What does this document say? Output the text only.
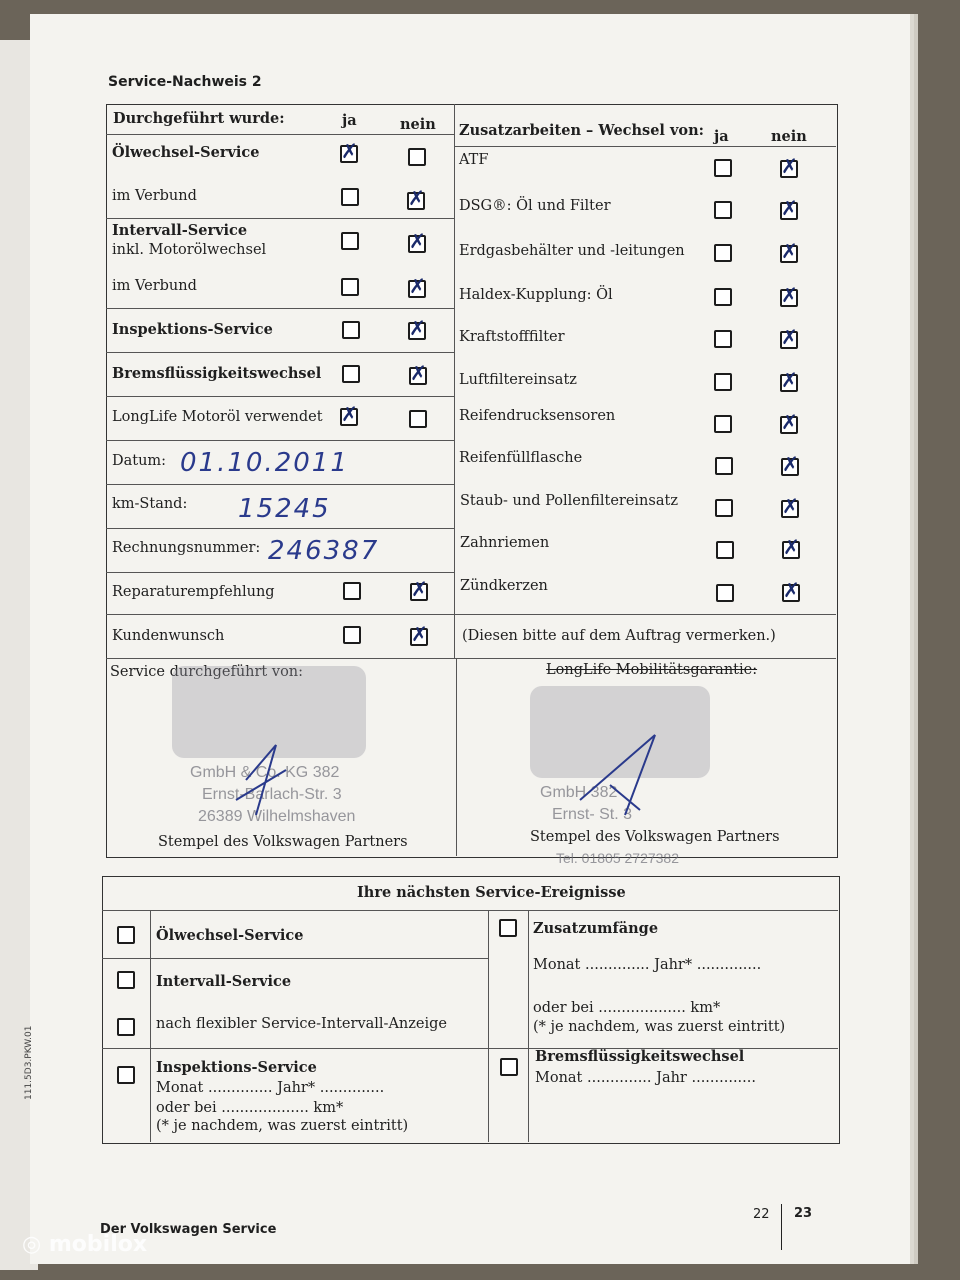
Service-Nachweis 2
Durchgeführt wurde:	ja	nein
Ölwechsel-Service
✗
im Verbund
✗
Intervall-Service
inkl. Motorölwechsel
✗
im Verbund
✗
Inspektions-Service
✗
Bremsflüssigkeitswechsel
✗
LongLife Motoröl verwendet
✗
Datum: 01.10.2011
km-Stand: 15245
Rechnungsnummer: 246387
Reparaturempfehlung
✗
Kundenwunsch
✗	(Diesen bitte auf dem Auftrag vermerken.)
Zusatzarbeiten – Wechsel von: ja	nein
ATF
✗
DSG®: Öl und Filter
✗
Erdgasbehälter und -leitungen
✗
Haldex-Kupplung: Öl
✗
Kraftstofffilter
✗
Luftfiltereinsatz
✗
Reifendrucksensoren
✗
Reifenfüllflasche
✗
Staub- und Pollenfiltereinsatz
✗
Zahnriemen
✗
Zündkerzen
✗
Service durchgeführt von:
GmbH & Co. KG 382
Ernst-Barlach-Str. 3
26389 Wilhelmshaven
Stempel des Volkswagen Partners
LongLife Mobilitätsgarantie:
GmbH 382
Ernst- St. 3
Tel. 01805 2727382
Stempel des Volkswagen Partners
Ihre nächsten Service-Ereignisse
Ölwechsel-Service
Intervall-Service
nach flexibler Service-Intervall-Anzeige
Inspektions-Service
Monat .............. Jahr* ..............
oder bei ................... km*
(* je nachdem, was zuerst eintritt)
Zusatzumfänge
Monat .............. Jahr* ..............
oder bei ................... km*
(* je nachdem, was zuerst eintritt)
Bremsflüssigkeitswechsel
Monat .............. Jahr ..............
Der Volkswagen Service
22 23
111.5D3.PKW.01
◎ mobilox
